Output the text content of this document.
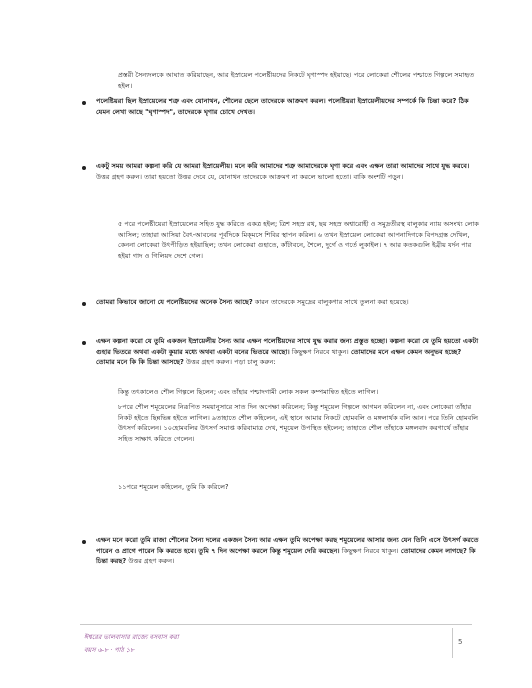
প্রস্তরী সৈন্যদলকে আঘাত করিয়াছেন, আর ইস্রায়েল পলেষ্টীয়দের নিকটে ঘৃণাস্পদ হইয়াছে। পরে লোকেরা শৌলের পশ্চাতে গিল্গলে সমাহৃত হইল।

পলেষ্টিয়রা ছিল ইস্রায়েলের শত্রু এবং যোনাথন, শৌলের ছেলে তাদেরকে আক্রমণ করল। পলেষ্টিয়রা ইস্রায়েলীয়দের সম্পর্কে কি চিন্তা করে? ঠিক যেমন লেখা আছে "ঘৃণাস্পদ", তাদেরকে ঘৃণার চোখে দেখত।

একটু সময় আমরা কল্পনা করি যে আমরা ইস্রায়েলীয়। মনে করি আমাদের শত্রু আমাদেরকে ঘৃণা করে এবং এক্ষন তারা আমাদের সাথে যুদ্ধ করবে। উত্তর গ্রহণ করুন। তারা হয়তো উত্তর দেবে যে, যোনাথন তাদেরকে আক্রমণ না করলে ভালো হতো। বাকি অংশটি পড়ুন।

৫ পরে পলেষ্টীয়েরা ইস্রায়েলের সহিত যুদ্ধ করিতে একত্র হইল; ত্রিশ সহস্র রথ, ছয় সহস্র অশ্বারোহী ও সমুদ্রতীরস্থ বালুকার ন্যায় অসংখ্য লোক আসিল; তাহারা আসিয়া বৈৎ-আবনের পূর্বদিকে মিক্‌মসে শিবির স্থাপন করিল। ৬ তখন ইস্রায়েল লোকেরা আপনাদিগকে বিপদগ্রস্ত দেখিল, কেননা লোকেরা উৎপীড়িত হইয়াছিল; তখন লোকেরা গুহাতে, কাঁটাবনে, শৈলে, দুর্গে ও গর্তে লুকাইল। ৭ আর কতকগুলি ইব্রীয় যর্দন পার হইয়া গাদ ও গিলিয়দ দেশে গেল।

তোমরা কিভাবে জানো যে পলেষ্টিয়দের অনেক সৈন্য আছে? কারন তাদেরকে সমুদ্রের বালুকণার সাথে তুলনা করা হয়েছে।

এক্ষন কল্পনা করো যে তুমি একজন ইস্রায়েলীয় সৈন্য আর এক্ষন পলেষ্টিয়দের সাথে যুদ্ধ করার জন্য প্রস্তুত হচ্ছো। কল্পনা করো যে তুমি হয়তো একটা গুহার ভিতরে অথবা একটা কুয়ার মধ্যে অথবা একটা বনের ভিতরে আছো। কিছুক্ষণ নিরবে থাকুন। তোমাদের মনে এক্ষন কেমন অনুভব হচ্ছে? তোমার মনে কি কি চিন্তা আসছে? উত্তর গ্রহণ করুন। পড়া চালু করুন:

কিন্তু তৎকালেও শৌল গিল্গলে ছিলেন; এবং তাঁহার পশ্চাদগামী লোক সকল কম্পমান্বিত হইতে লাগিল।

৮পরে শৌল শমূয়েলের নিরূপিত সময়ানুসারে সাত দিন অপেক্ষা করিলেন; কিন্তু শমূয়েল গিল্গলে আগমন করিলেন না, এবং লোকেরা তাঁহার নিকট হইতে ছিন্নভিন্ন হইতে লাগিল। ৯তাহাতে শৌল কহিলেন, এই স্থানে আমার নিকটে হোমবলি ও মঙ্গলার্থক বলি আন। পরে তিনি হোমবলি উৎসর্গ করিলেন। ১০হোমবলির উৎসর্গ সমাপ্ত করিবামাত্র দেখ, শমূয়েল উপস্থিত হইলেন; তাহাতে শৌল তাঁহাকে মঙ্গলবাদ করণার্থে তাঁহার সহিত সাক্ষাৎ করিতে গেলেন।

১১পরে শমূয়েল কহিলেন, তুমি কি করিলে?

এক্ষন মনে করো তুমি রাজা শৌলের সৈন্য দলের একজন সৈন্য আর এক্ষন তুমি অপেক্ষা করছ শমুয়েলের আসার জন্য যেন তিনি এসে উৎসর্গ করতে পারেন ও প্রাগে পারেন কি করতে হবে। তুমি ৭ দিন অপেক্ষা করলে কিন্তু শমুয়েল দেরি করছেন। কিছুক্ষণ নিরবে থাকুন। তোমাদের কেমন লাগছে? কি চিন্তা করছ? উত্তর গ্রহণ করুন।

ঈশ্বরের ভালবাসার রাজ্যে বসবাস করা
বয়স ৬-৮ · পাঠ ১৮
5
